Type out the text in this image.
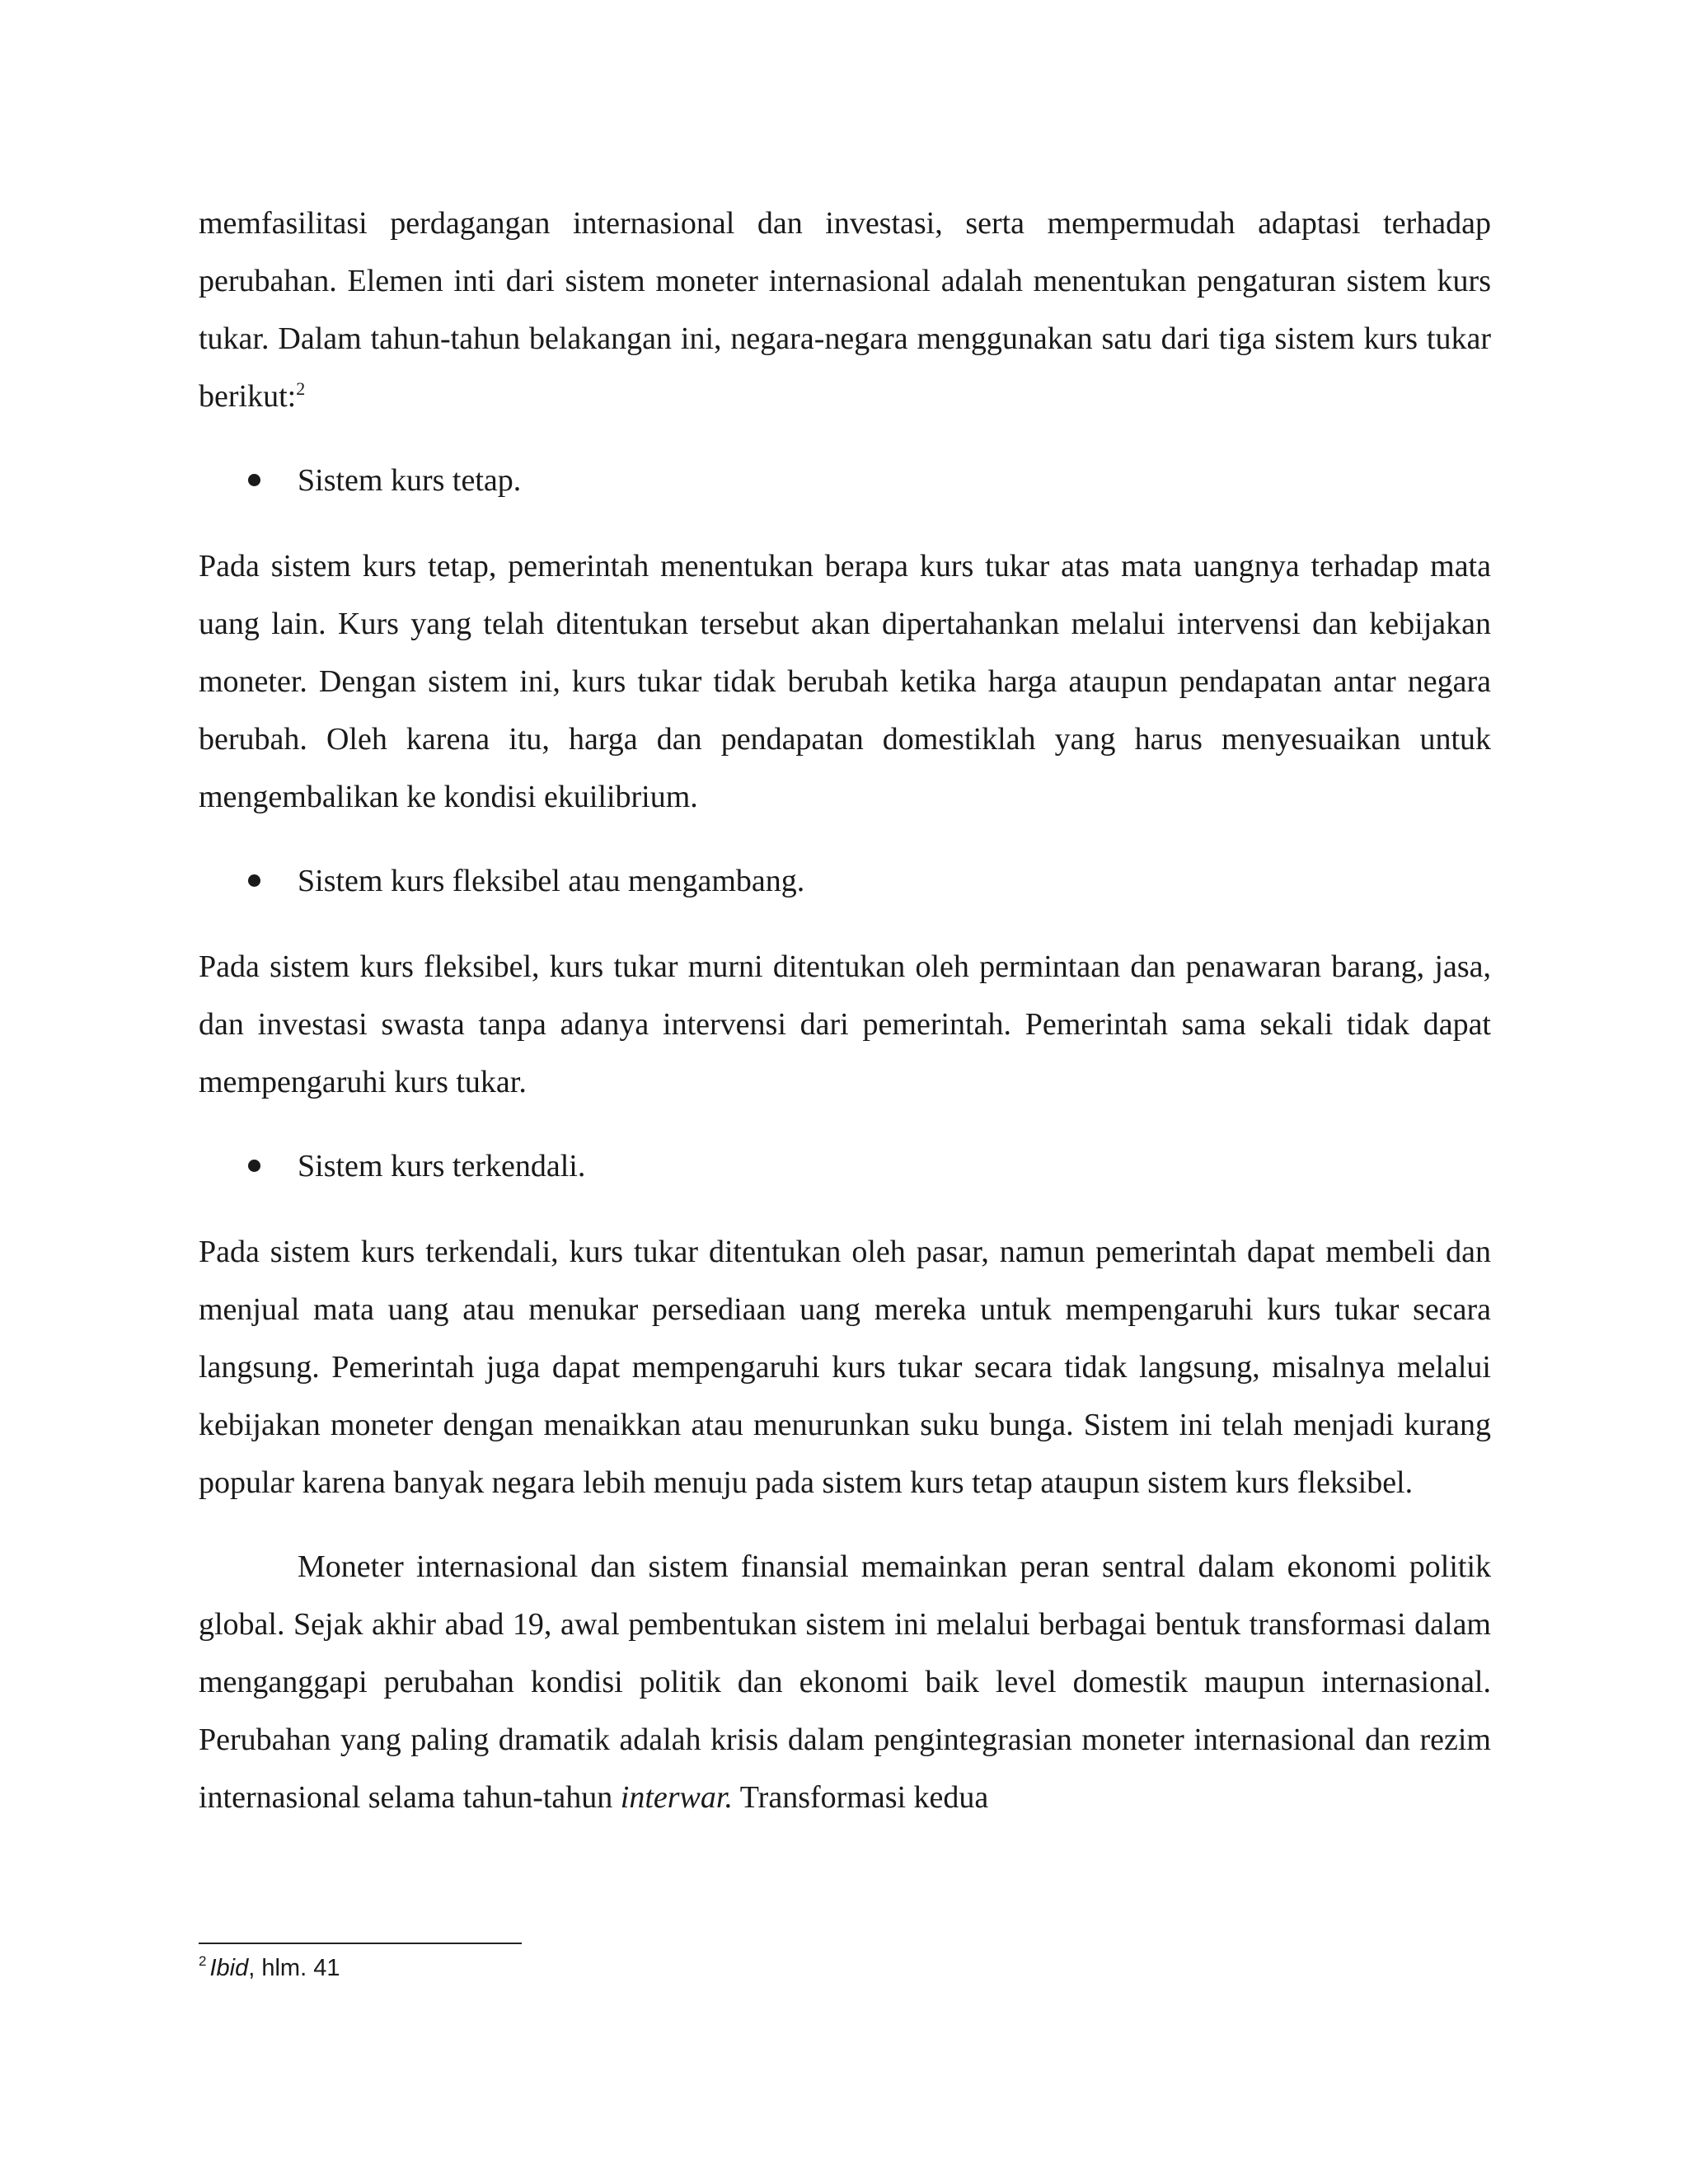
memfasilitasi perdagangan internasional dan investasi, serta mempermudah adaptasi terhadap perubahan. Elemen inti dari sistem moneter internasional adalah menentukan pengaturan sistem kurs tukar. Dalam tahun-tahun belakangan ini, negara-negara menggunakan satu dari tiga sistem kurs tukar berikut:$^2$

Sistem kurs tetap.

Pada sistem kurs tetap, pemerintah menentukan berapa kurs tukar atas mata uangnya terhadap mata uang lain. Kurs yang telah ditentukan tersebut akan dipertahankan melalui intervensi dan kebijakan moneter. Dengan sistem ini, kurs tukar tidak berubah ketika harga ataupun pendapatan antar negara berubah. Oleh karena itu, harga dan pendapatan domestiklah yang harus menyesuaikan untuk mengembalikan ke kondisi ekuilibrium.

Sistem kurs fleksibel atau mengambang.

Pada sistem kurs fleksibel, kurs tukar murni ditentukan oleh permintaan dan penawaran barang, jasa, dan investasi swasta tanpa adanya intervensi dari pemerintah. Pemerintah sama sekali tidak dapat mempengaruhi kurs tukar.

Sistem kurs terkendali.

Pada sistem kurs terkendali, kurs tukar ditentukan oleh pasar, namun pemerintah dapat membeli dan menjual mata uang atau menukar persediaan uang mereka untuk mempengaruhi kurs tukar secara langsung. Pemerintah juga dapat mempengaruhi kurs tukar secara tidak langsung, misalnya melalui kebijakan moneter dengan menaikkan atau menurunkan suku bunga. Sistem ini telah menjadi kurang popular karena banyak negara lebih menuju pada sistem kurs tetap ataupun sistem kurs fleksibel.

Moneter internasional dan sistem finansial memainkan peran sentral dalam ekonomi politik global. Sejak akhir abad 19, awal pembentukan sistem ini melalui berbagai bentuk transformasi dalam menganggapi perubahan kondisi politik dan ekonomi baik level domestik maupun internasional. Perubahan yang paling dramatik adalah krisis dalam pengintegrasian moneter internasional dan rezim internasional selama tahun-tahun interwar. Transformasi kedua

$^2$ Ibid, hlm. 41
